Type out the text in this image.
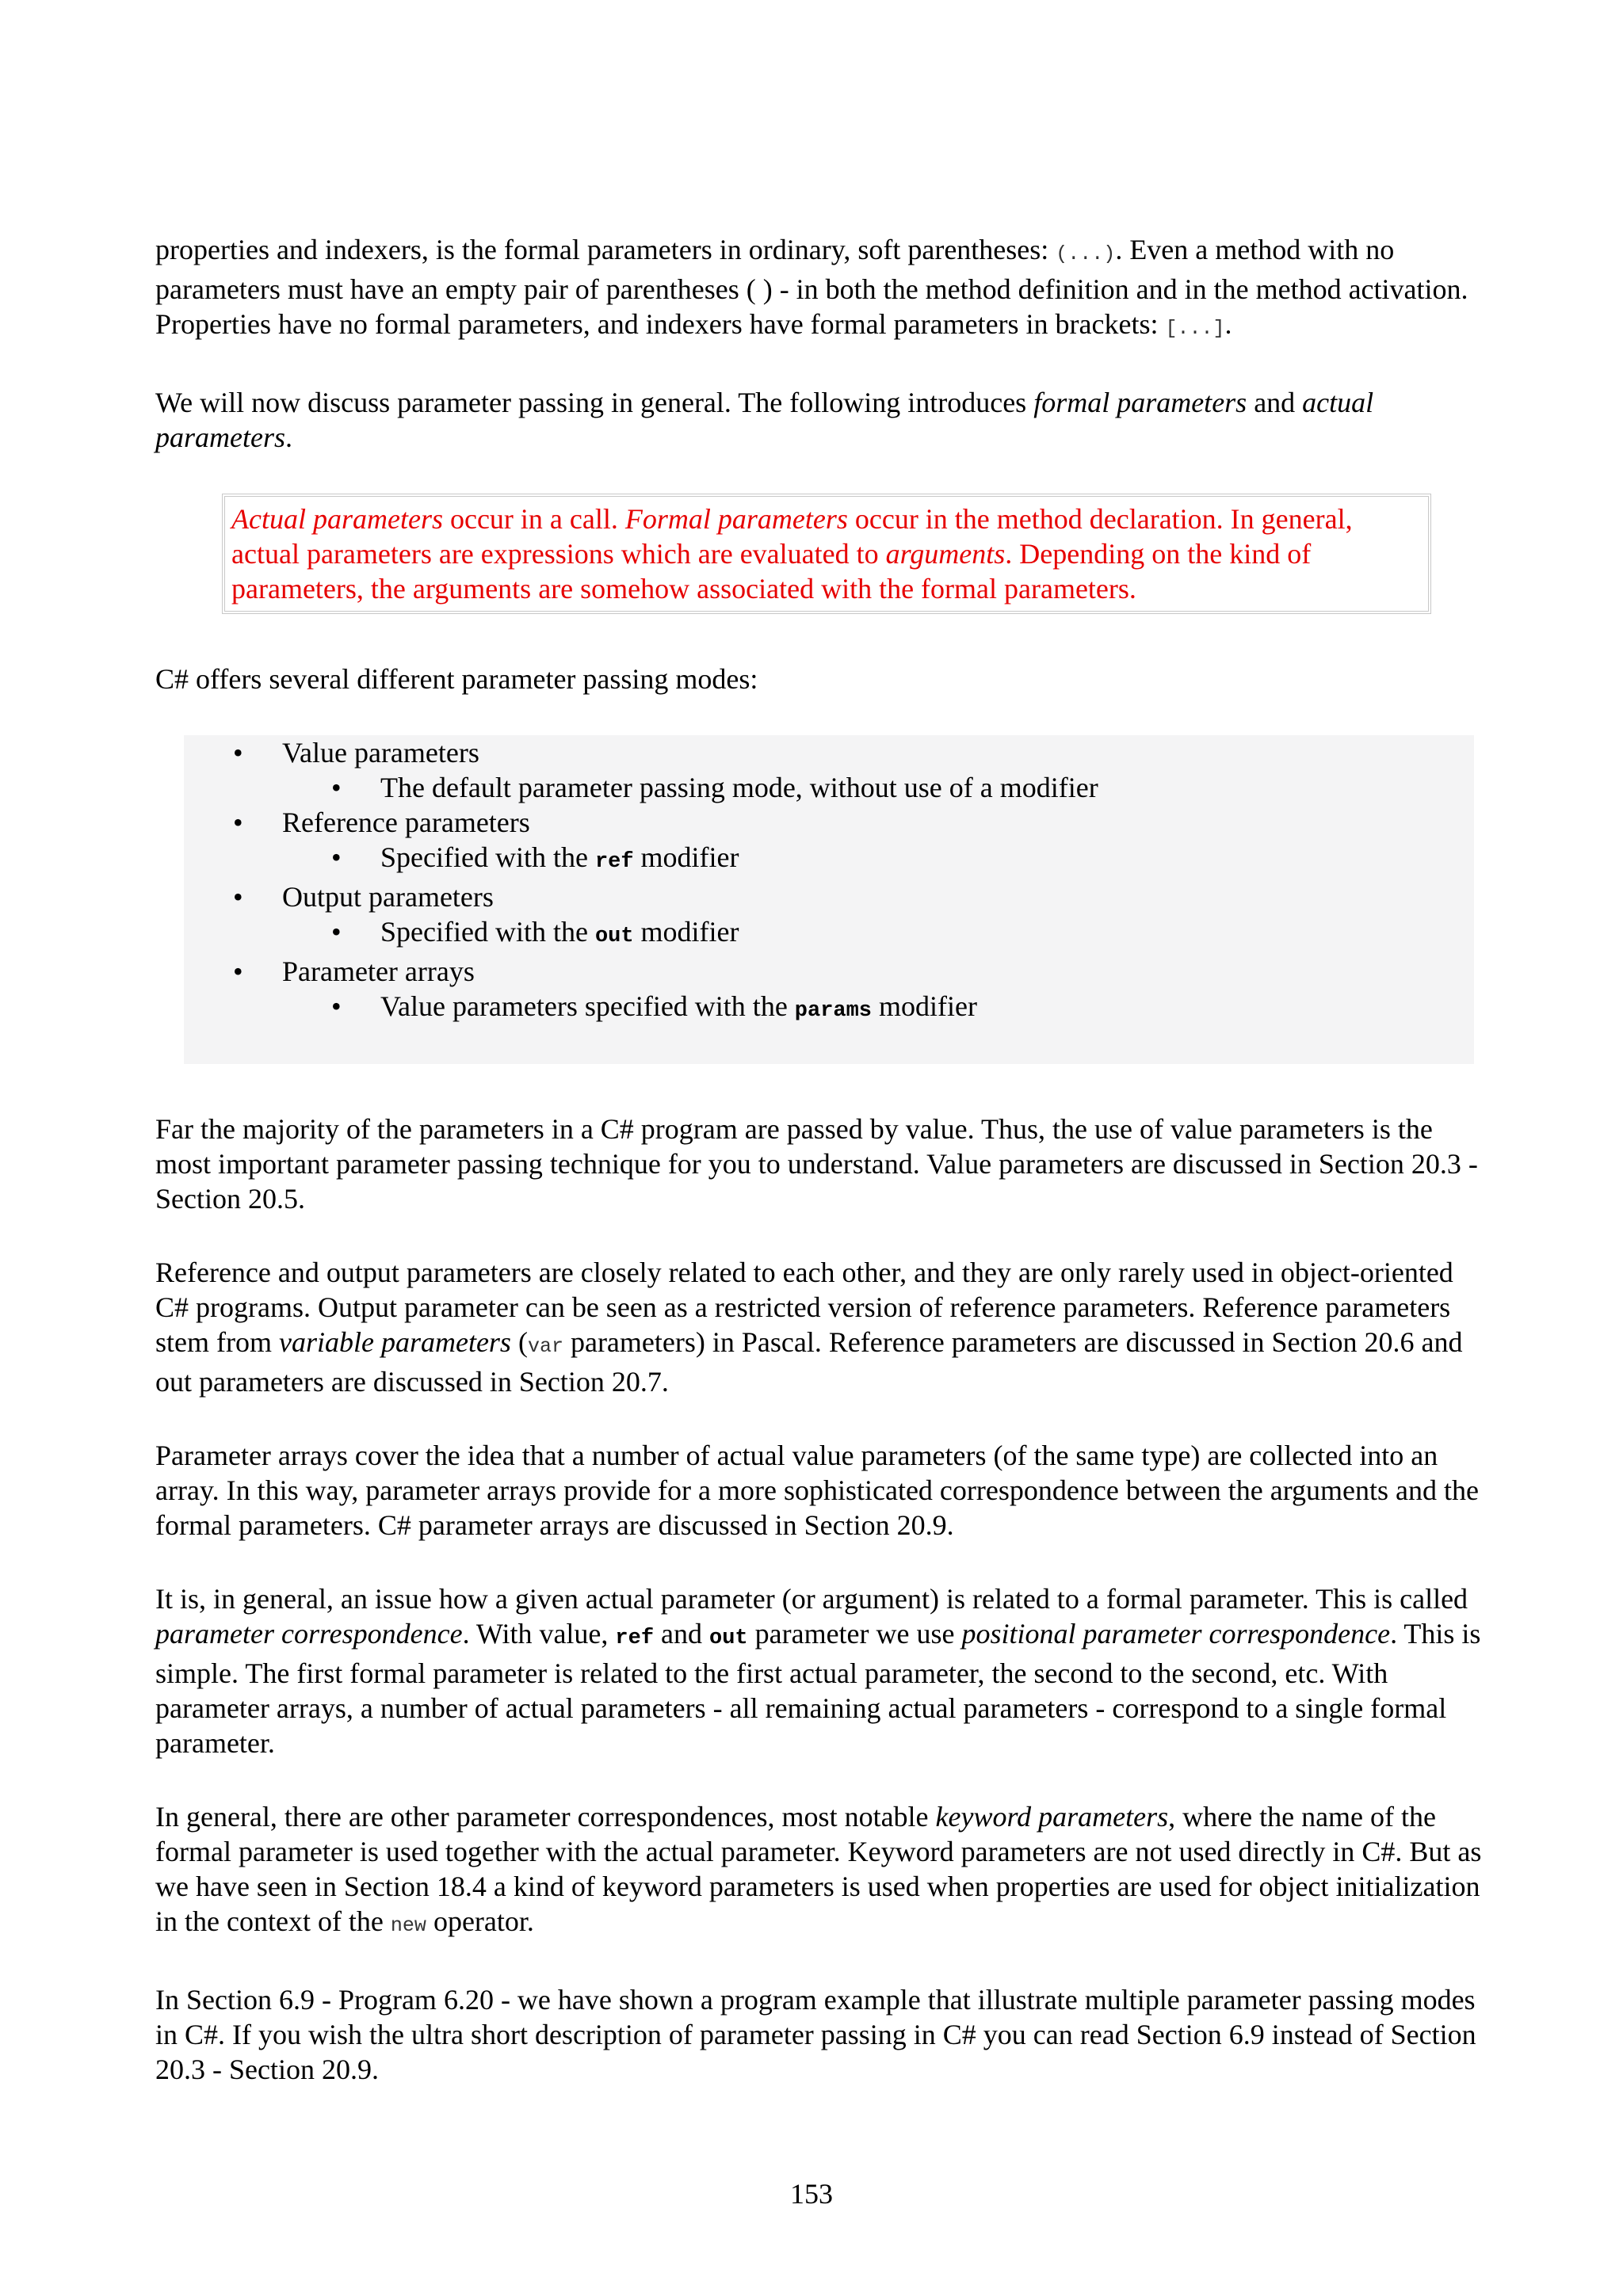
properties and indexers, is the formal parameters in ordinary, soft parentheses: (...). Even a method with no parameters must have an empty pair of parentheses ( ) - in both the method definition and in the method activation. Properties have no formal parameters, and indexers have formal parameters in brackets: [...].

We will now discuss parameter passing in general. The following introduces formal parameters and actual parameters.

Actual parameters occur in a call. Formal parameters occur in the method declaration. In general, actual parameters are expressions which are evaluated to arguments. Depending on the kind of parameters, the arguments are somehow associated with the formal parameters.

C# offers several different parameter passing modes:

• Value parameters
• The default parameter passing mode, without use of a modifier
• Reference parameters
• Specified with the ref modifier
• Output parameters
• Specified with the out modifier
• Parameter arrays
• Value parameters specified with the params modifier

Far the majority of the parameters in a C# program are passed by value. Thus, the use of value parameters is the most important parameter passing technique for you to understand. Value parameters are discussed in Section 20.3 - Section 20.5.

Reference and output parameters are closely related to each other, and they are only rarely used in object-oriented C# programs. Output parameter can be seen as a restricted version of reference parameters. Reference parameters stem from variable parameters (var parameters) in Pascal. Reference parameters are discussed in Section 20.6 and out parameters are discussed in Section 20.7.

Parameter arrays cover the idea that a number of actual value parameters (of the same type) are collected into an array. In this way, parameter arrays provide for a more sophisticated correspondence between the arguments and the formal parameters. C# parameter arrays are discussed in Section 20.9.

It is, in general, an issue how a given actual parameter (or argument) is related to a formal parameter. This is called parameter correspondence. With value, ref and out parameter we use positional parameter correspondence. This is simple. The first formal parameter is related to the first actual parameter, the second to the second, etc. With parameter arrays, a number of actual parameters - all remaining actual parameters - correspond to a single formal parameter.

In general, there are other parameter correspondences, most notable keyword parameters, where the name of the formal parameter is used together with the actual parameter. Keyword parameters are not used directly in C#. But as we have seen in Section 18.4 a kind of keyword parameters is used when properties are used for object initialization in the context of the new operator.

In Section 6.9 - Program 6.20 - we have shown a program example that illustrate multiple parameter passing modes in C#. If you wish the ultra short description of parameter passing in C# you can read Section 6.9 instead of Section 20.3 - Section 20.9.

153
